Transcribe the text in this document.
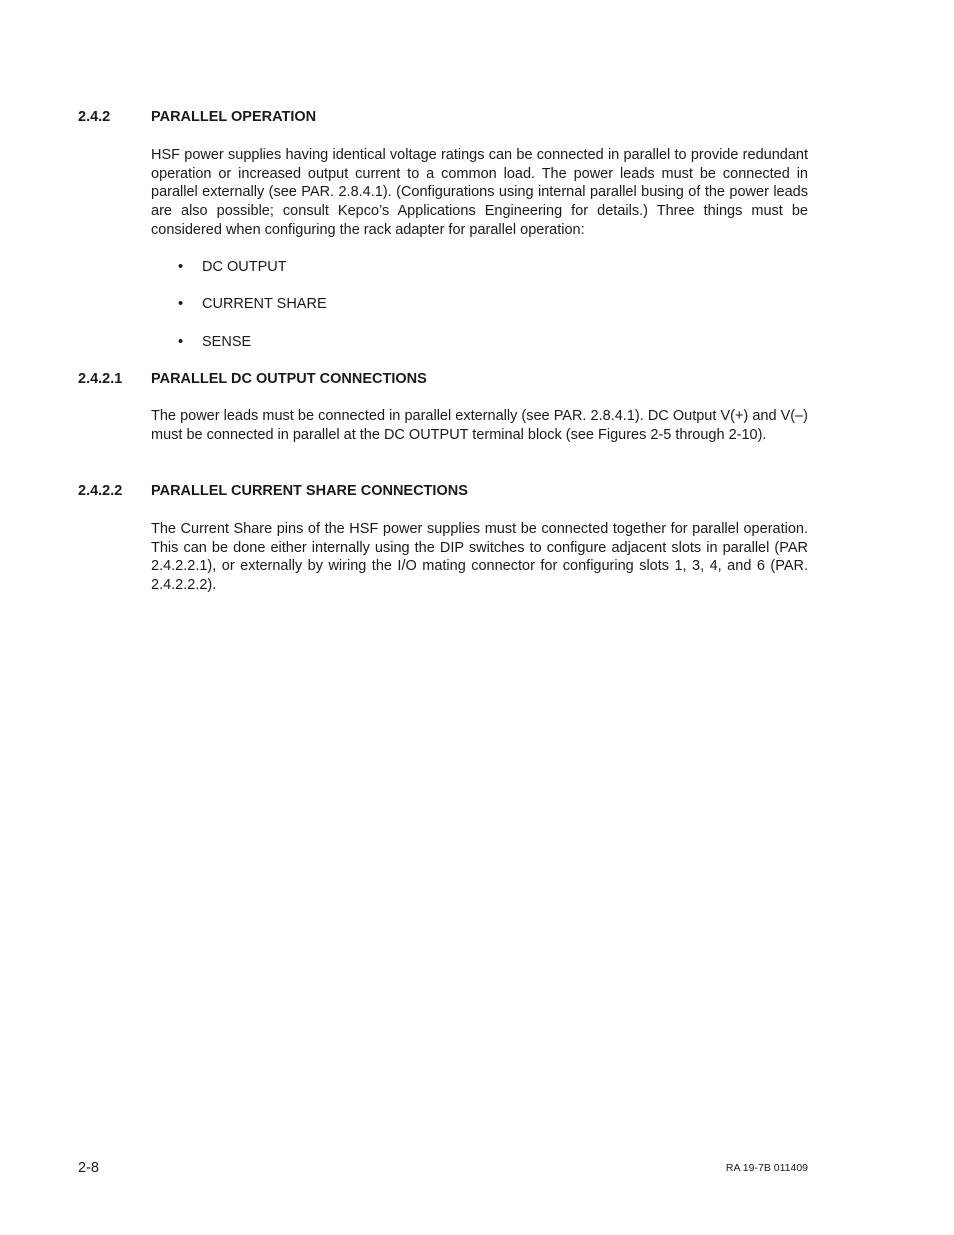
2.4.2	PARALLEL OPERATION

HSF power supplies having identical voltage ratings can be connected in parallel to provide redundant operation or increased output current to a common load. The power leads must be connected in parallel externally (see PAR. 2.8.4.1). (Configurations using internal parallel busing of the power leads are also possible; consult Kepco’s Applications Engineering for details.) Three things must be considered when configuring the rack adapter for parallel operation:

• DC OUTPUT
• CURRENT SHARE
• SENSE
2.4.2.1 PARALLEL DC OUTPUT CONNECTIONS

The power leads must be connected in parallel externally (see PAR. 2.8.4.1). DC Output V(+) and V(–) must be connected in parallel at the DC OUTPUT terminal block (see Figures 2-5 through 2-10).

2.4.2.2 PARALLEL CURRENT SHARE CONNECTIONS

The Current Share pins of the HSF power supplies must be connected together for parallel operation. This can be done either internally using the DIP switches to configure adjacent slots in parallel (PAR 2.4.2.2.1), or externally by wiring the I/O mating connector for configuring slots 1, 3, 4, and 6 (PAR. 2.4.2.2.2).

2-8	RA 19-7B 011409
